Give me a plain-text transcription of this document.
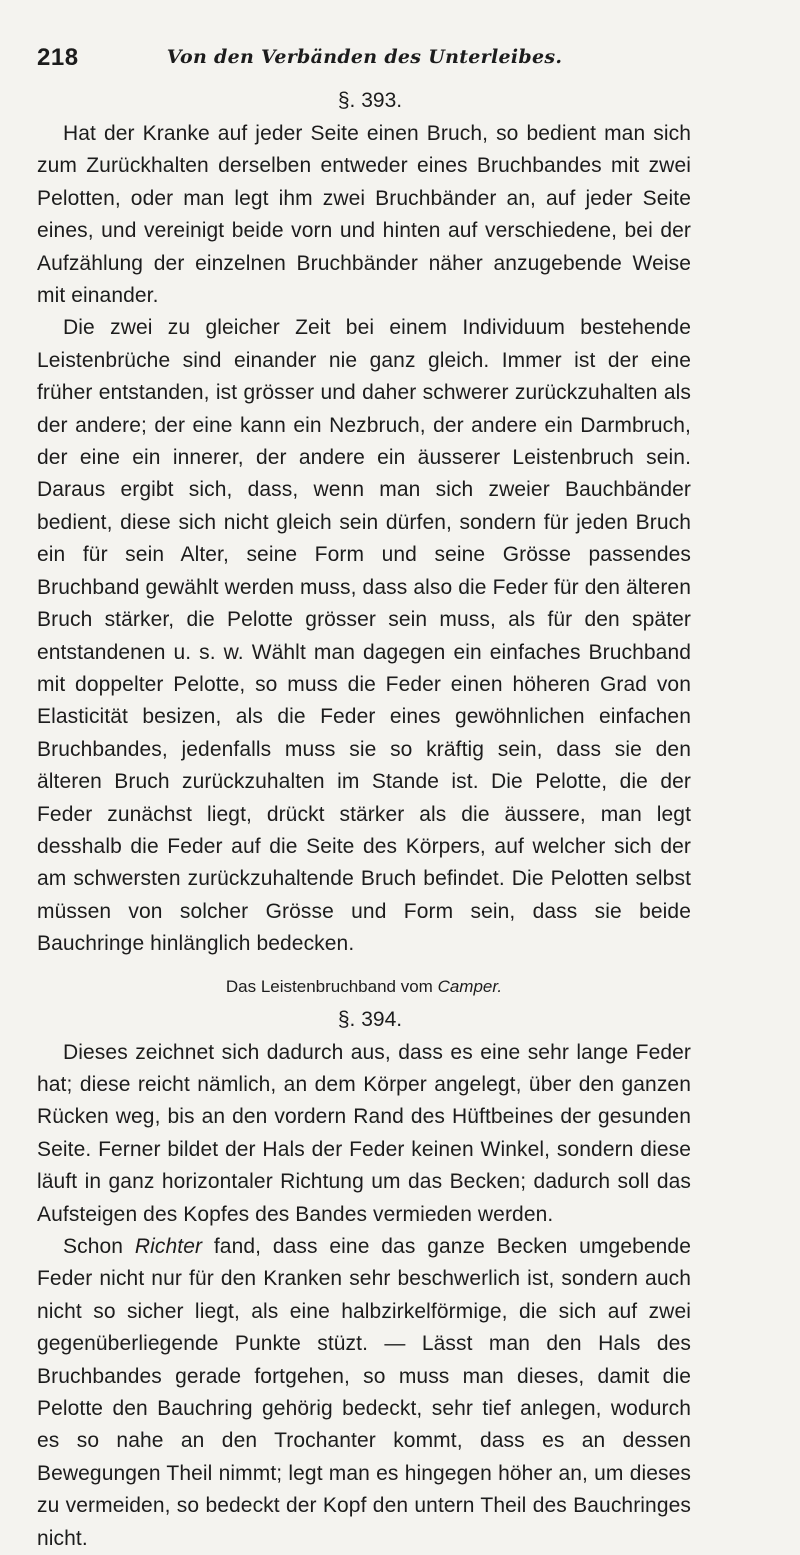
218	Von den Verbänden des Unterleibes.
§. 393.

Hat der Kranke auf jeder Seite einen Bruch, so bedient man sich zum Zurückhalten derselben entweder eines Bruchbandes mit zwei Pelotten, oder man legt ihm zwei Bruchbänder an, auf jeder Seite eines, und vereinigt beide vorn und hinten auf verschiedene, bei der Aufzählung der einzelnen Bruchbänder näher anzugebende Weise mit einander.

Die zwei zu gleicher Zeit bei einem Individuum bestehende Leistenbrüche sind einander nie ganz gleich. Immer ist der eine früher entstanden, ist grösser und daher schwerer zurückzuhalten als der andere; der eine kann ein Nezbruch, der andere ein Darmbruch, der eine ein innerer, der andere ein äusserer Leistenbruch sein. Daraus ergibt sich, dass, wenn man sich zweier Bauchbänder bedient, diese sich nicht gleich sein dürfen, sondern für jeden Bruch ein für sein Alter, seine Form und seine Grösse passendes Bruchband gewählt werden muss, dass also die Feder für den älteren Bruch stärker, die Pelotte grösser sein muss, als für den später entstandenen u. s. w. Wählt man dagegen ein einfaches Bruchband mit doppelter Pelotte, so muss die Feder einen höheren Grad von Elasticität besizen, als die Feder eines gewöhnlichen einfachen Bruchbandes, jedenfalls muss sie so kräftig sein, dass sie den älteren Bruch zurückzuhalten im Stande ist. Die Pelotte, die der Feder zunächst liegt, drückt stärker als die äussere, man legt desshalb die Feder auf die Seite des Körpers, auf welcher sich der am schwersten zurückzuhaltende Bruch befindet. Die Pelotten selbst müssen von solcher Grösse und Form sein, dass sie beide Bauchringe hinlänglich bedecken.

Das Leistenbruchband vom Camper.
§. 394.

Dieses zeichnet sich dadurch aus, dass es eine sehr lange Feder hat; diese reicht nämlich, an dem Körper angelegt, über den ganzen Rücken weg, bis an den vordern Rand des Hüftbeines der gesunden Seite. Ferner bildet der Hals der Feder keinen Winkel, sondern diese läuft in ganz horizontaler Richtung um das Becken; dadurch soll das Aufsteigen des Kopfes des Bandes vermieden werden.

Schon Richter fand, dass eine das ganze Becken umgebende Feder nicht nur für den Kranken sehr beschwerlich ist, sondern auch nicht so sicher liegt, als eine halbzirkelförmige, die sich auf zwei gegenüberliegende Punkte stüzt. — Lässt man den Hals des Bruchbandes gerade fortgehen, so muss man dieses, damit die Pelotte den Bauchring gehörig bedeckt, sehr tief anlegen, wodurch es so nahe an den Trochanter kommt, dass es an dessen Bewegungen Theil nimmt; legt man es hingegen höher an, um dieses zu vermeiden, so bedeckt der Kopf den untern Theil des Bauchringes nicht.
